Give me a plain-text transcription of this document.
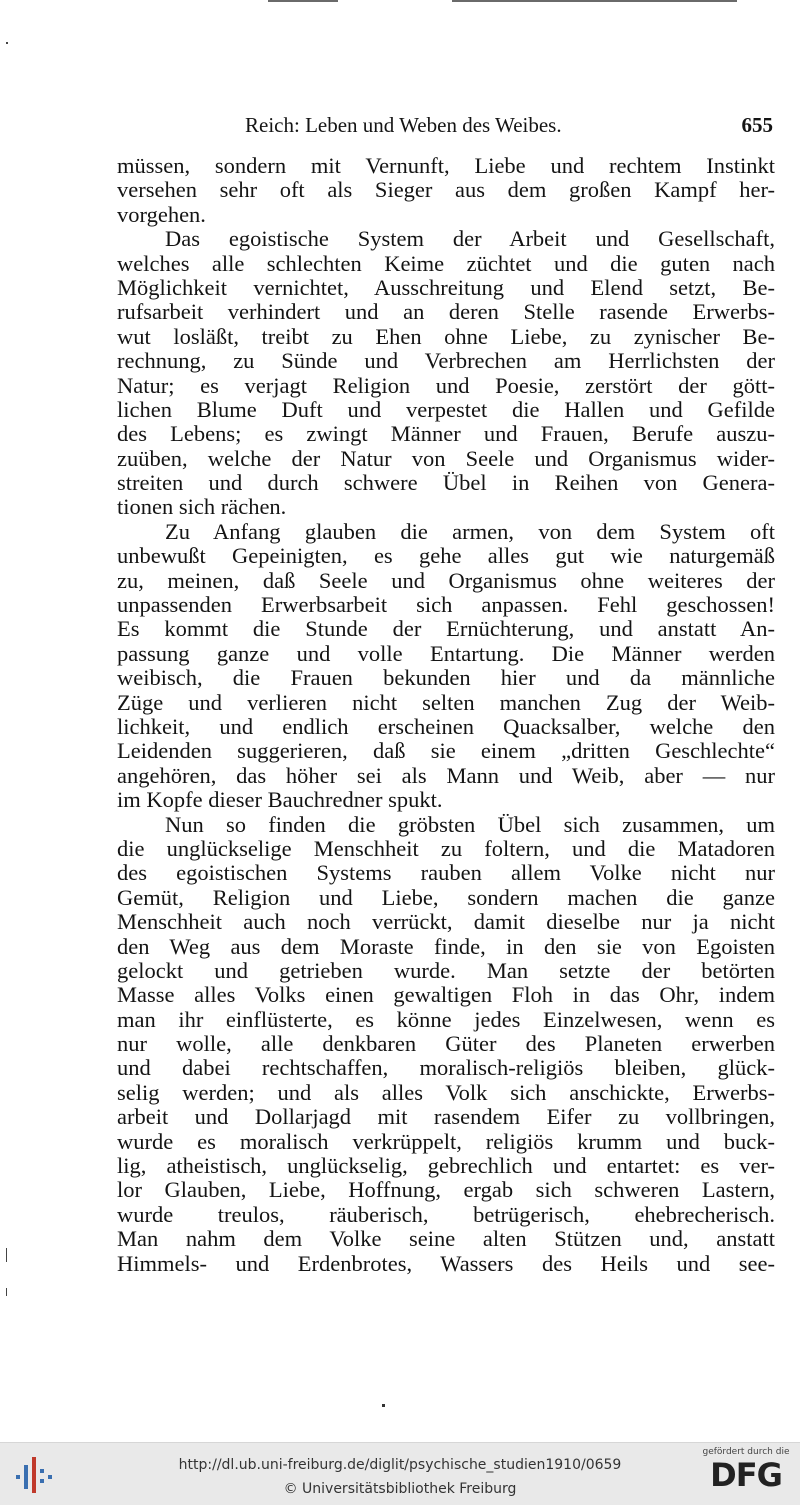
Reich: Leben und Weben des Weibes.	655
müssen, sondern mit Vernunft, Liebe und rechtem Instinkt
versehen sehr oft als Sieger aus dem großen Kampf her-
vorgehen.
Das egoistische System der Arbeit und Gesellschaft,
welches alle schlechten Keime züchtet und die guten nach
Möglichkeit vernichtet, Ausschreitung und Elend setzt, Be-
rufsarbeit verhindert und an deren Stelle rasende Erwerbs-
wut losläßt, treibt zu Ehen ohne Liebe, zu zynischer Be-
rechnung, zu Sünde und Verbrechen am Herrlichsten der
Natur; es verjagt Religion und Poesie, zerstört der gött-
lichen Blume Duft und verpestet die Hallen und Gefilde
des Lebens; es zwingt Männer und Frauen, Berufe auszu-
zuüben, welche der Natur von Seele und Organismus wider-
streiten und durch schwere Übel in Reihen von Genera-
tionen sich rächen.
Zu Anfang glauben die armen, von dem System oft
unbewußt Gepeinigten, es gehe alles gut wie naturgemäß
zu, meinen, daß Seele und Organismus ohne weiteres der
unpassenden Erwerbsarbeit sich anpassen. Fehl geschossen!
Es kommt die Stunde der Ernüchterung, und anstatt An-
passung ganze und volle Entartung. Die Männer werden
weibisch, die Frauen bekunden hier und da männliche
Züge und verlieren nicht selten manchen Zug der Weib-
lichkeit, und endlich erscheinen Quacksalber, welche den
Leidenden suggerieren, daß sie einem „dritten Geschlechte“
angehören, das höher sei als Mann und Weib, aber — nur
im Kopfe dieser Bauchredner spukt.
Nun so finden die gröbsten Übel sich zusammen, um
die unglückselige Menschheit zu foltern, und die Matadoren
des egoistischen Systems rauben allem Volke nicht nur
Gemüt, Religion und Liebe, sondern machen die ganze
Menschheit auch noch verrückt, damit dieselbe nur ja nicht
den Weg aus dem Moraste finde, in den sie von Egoisten
gelockt und getrieben wurde. Man setzte der betörten
Masse alles Volks einen gewaltigen Floh in das Ohr, indem
man ihr einflüsterte, es könne jedes Einzelwesen, wenn es
nur wolle, alle denkbaren Güter des Planeten erwerben
und dabei rechtschaffen, moralisch-religiös bleiben, glück-
selig werden; und als alles Volk sich anschickte, Erwerbs-
arbeit und Dollarjagd mit rasendem Eifer zu vollbringen,
wurde es moralisch verkrüppelt, religiös krumm und buck-
lig, atheistisch, unglückselig, gebrechlich und entartet: es ver-
lor Glauben, Liebe, Hoffnung, ergab sich schweren Lastern,
wurde treulos, räuberisch, betrügerisch, ehebrecherisch.
Man nahm dem Volke seine alten Stützen und, anstatt
Himmels- und Erdenbrotes, Wassers des Heils und see-
http://dl.ub.uni-freiburg.de/diglit/psychische_studien1910/0659
© Universitätsbibliothek Freiburg
gefördert durch die
DFG
